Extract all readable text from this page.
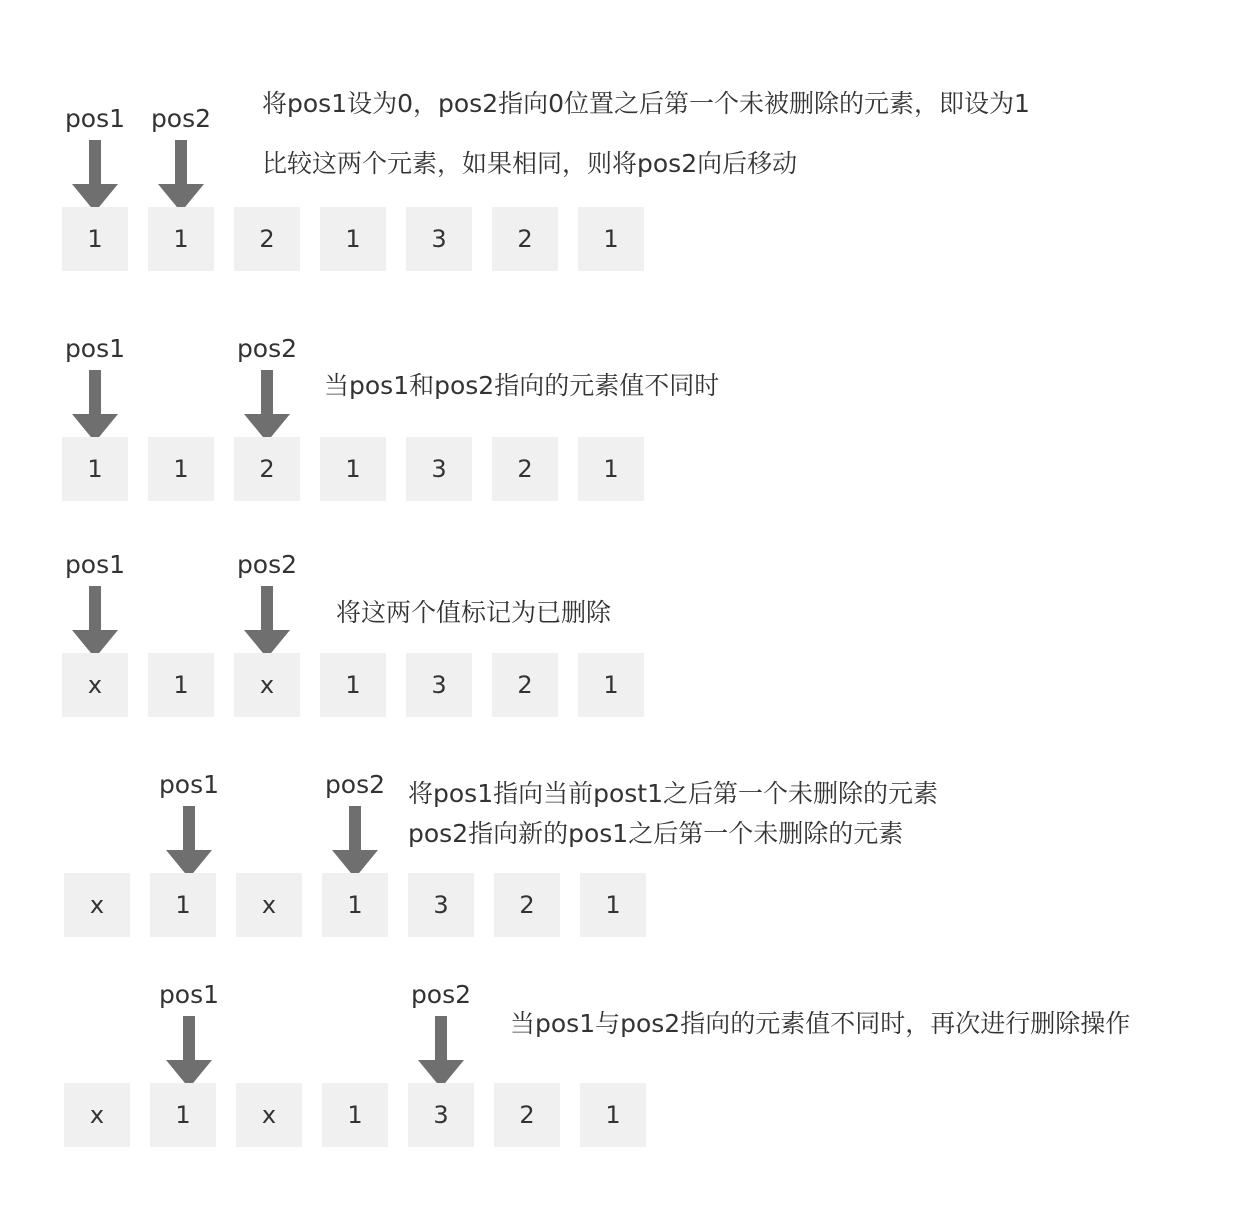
pos1 pos2
将pos1设为0，pos2指向0位置之后第一个未被删除的元素，即设为1
比较这两个元素，如果相同，则将pos2向后移动
1	1	2	1	3	2	1
pos1	pos2
当pos1和pos2指向的元素值不同时
1	1	2	1	3	2	1
pos1	pos2
将这两个值标记为已删除
x	1	x	1	3	2	1
pos1	pos2 将pos1指向当前post1之后第一个未删除的元素
pos2指向新的pos1之后第一个未删除的元素
x	1	x	1	3	2	1
pos1	pos2
当pos1与pos2指向的元素值不同时，再次进行删除操作
x	1	x	1	3	2	1
